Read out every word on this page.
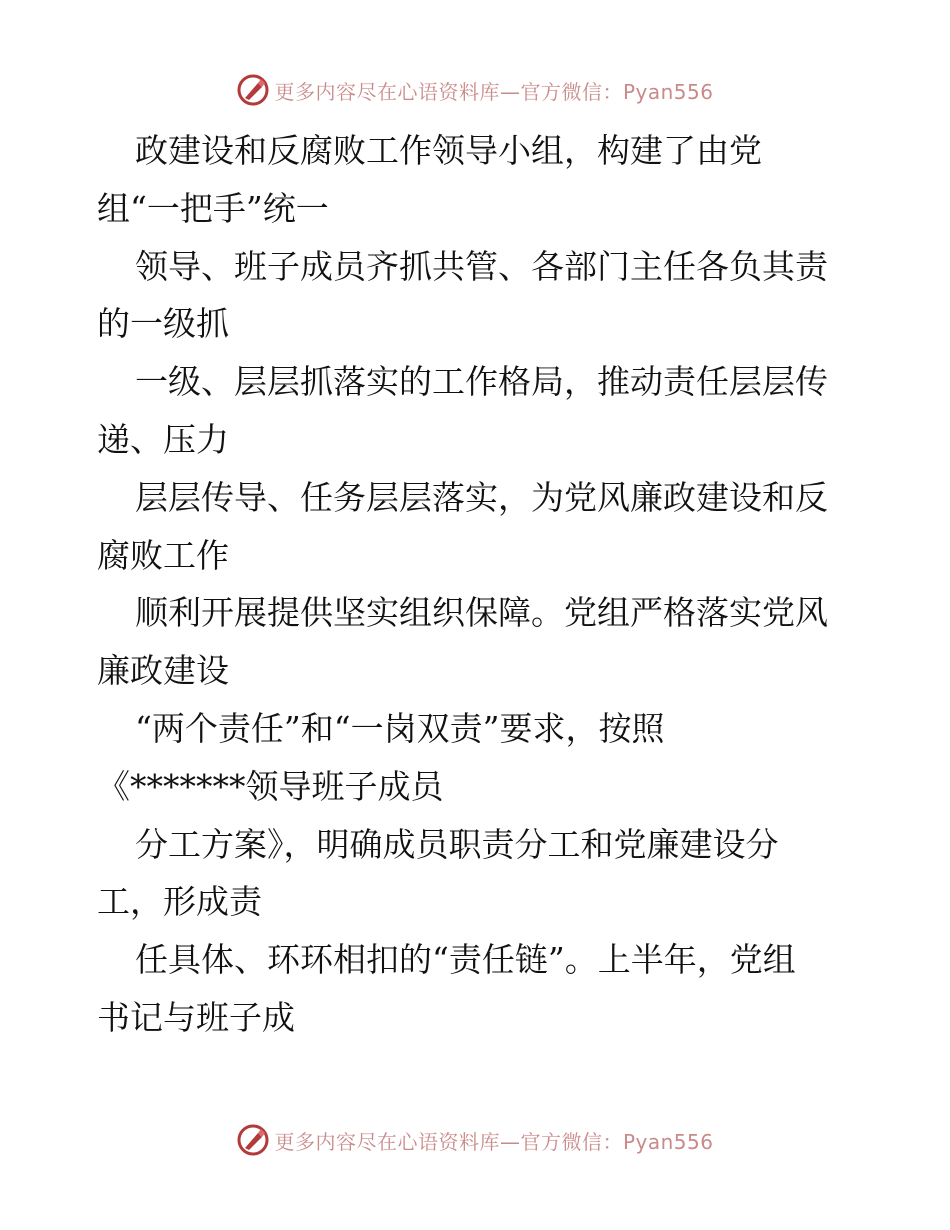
更多内容尽在心语资料库—官方微信：Pyan556
政建设和反腐败工作领导小组，构建了由党
组“一把手”统一
领导、班子成员齐抓共管、各部门主任各负其责
的一级抓
一级、层层抓落实的工作格局，推动责任层层传
递、压力
层层传导、任务层层落实，为党风廉政建设和反
腐败工作
顺利开展提供坚实组织保障。党组严格落实党风
廉政建设
“两个责任”和“一岗双责”要求，按照
《*******领导班子成员
分工方案》，明确成员职责分工和党廉建设分
工，形成责
任具体、环环相扣的“责任链”。上半年，党组
书记与班子成
更多内容尽在心语资料库—官方微信：Pyan556
